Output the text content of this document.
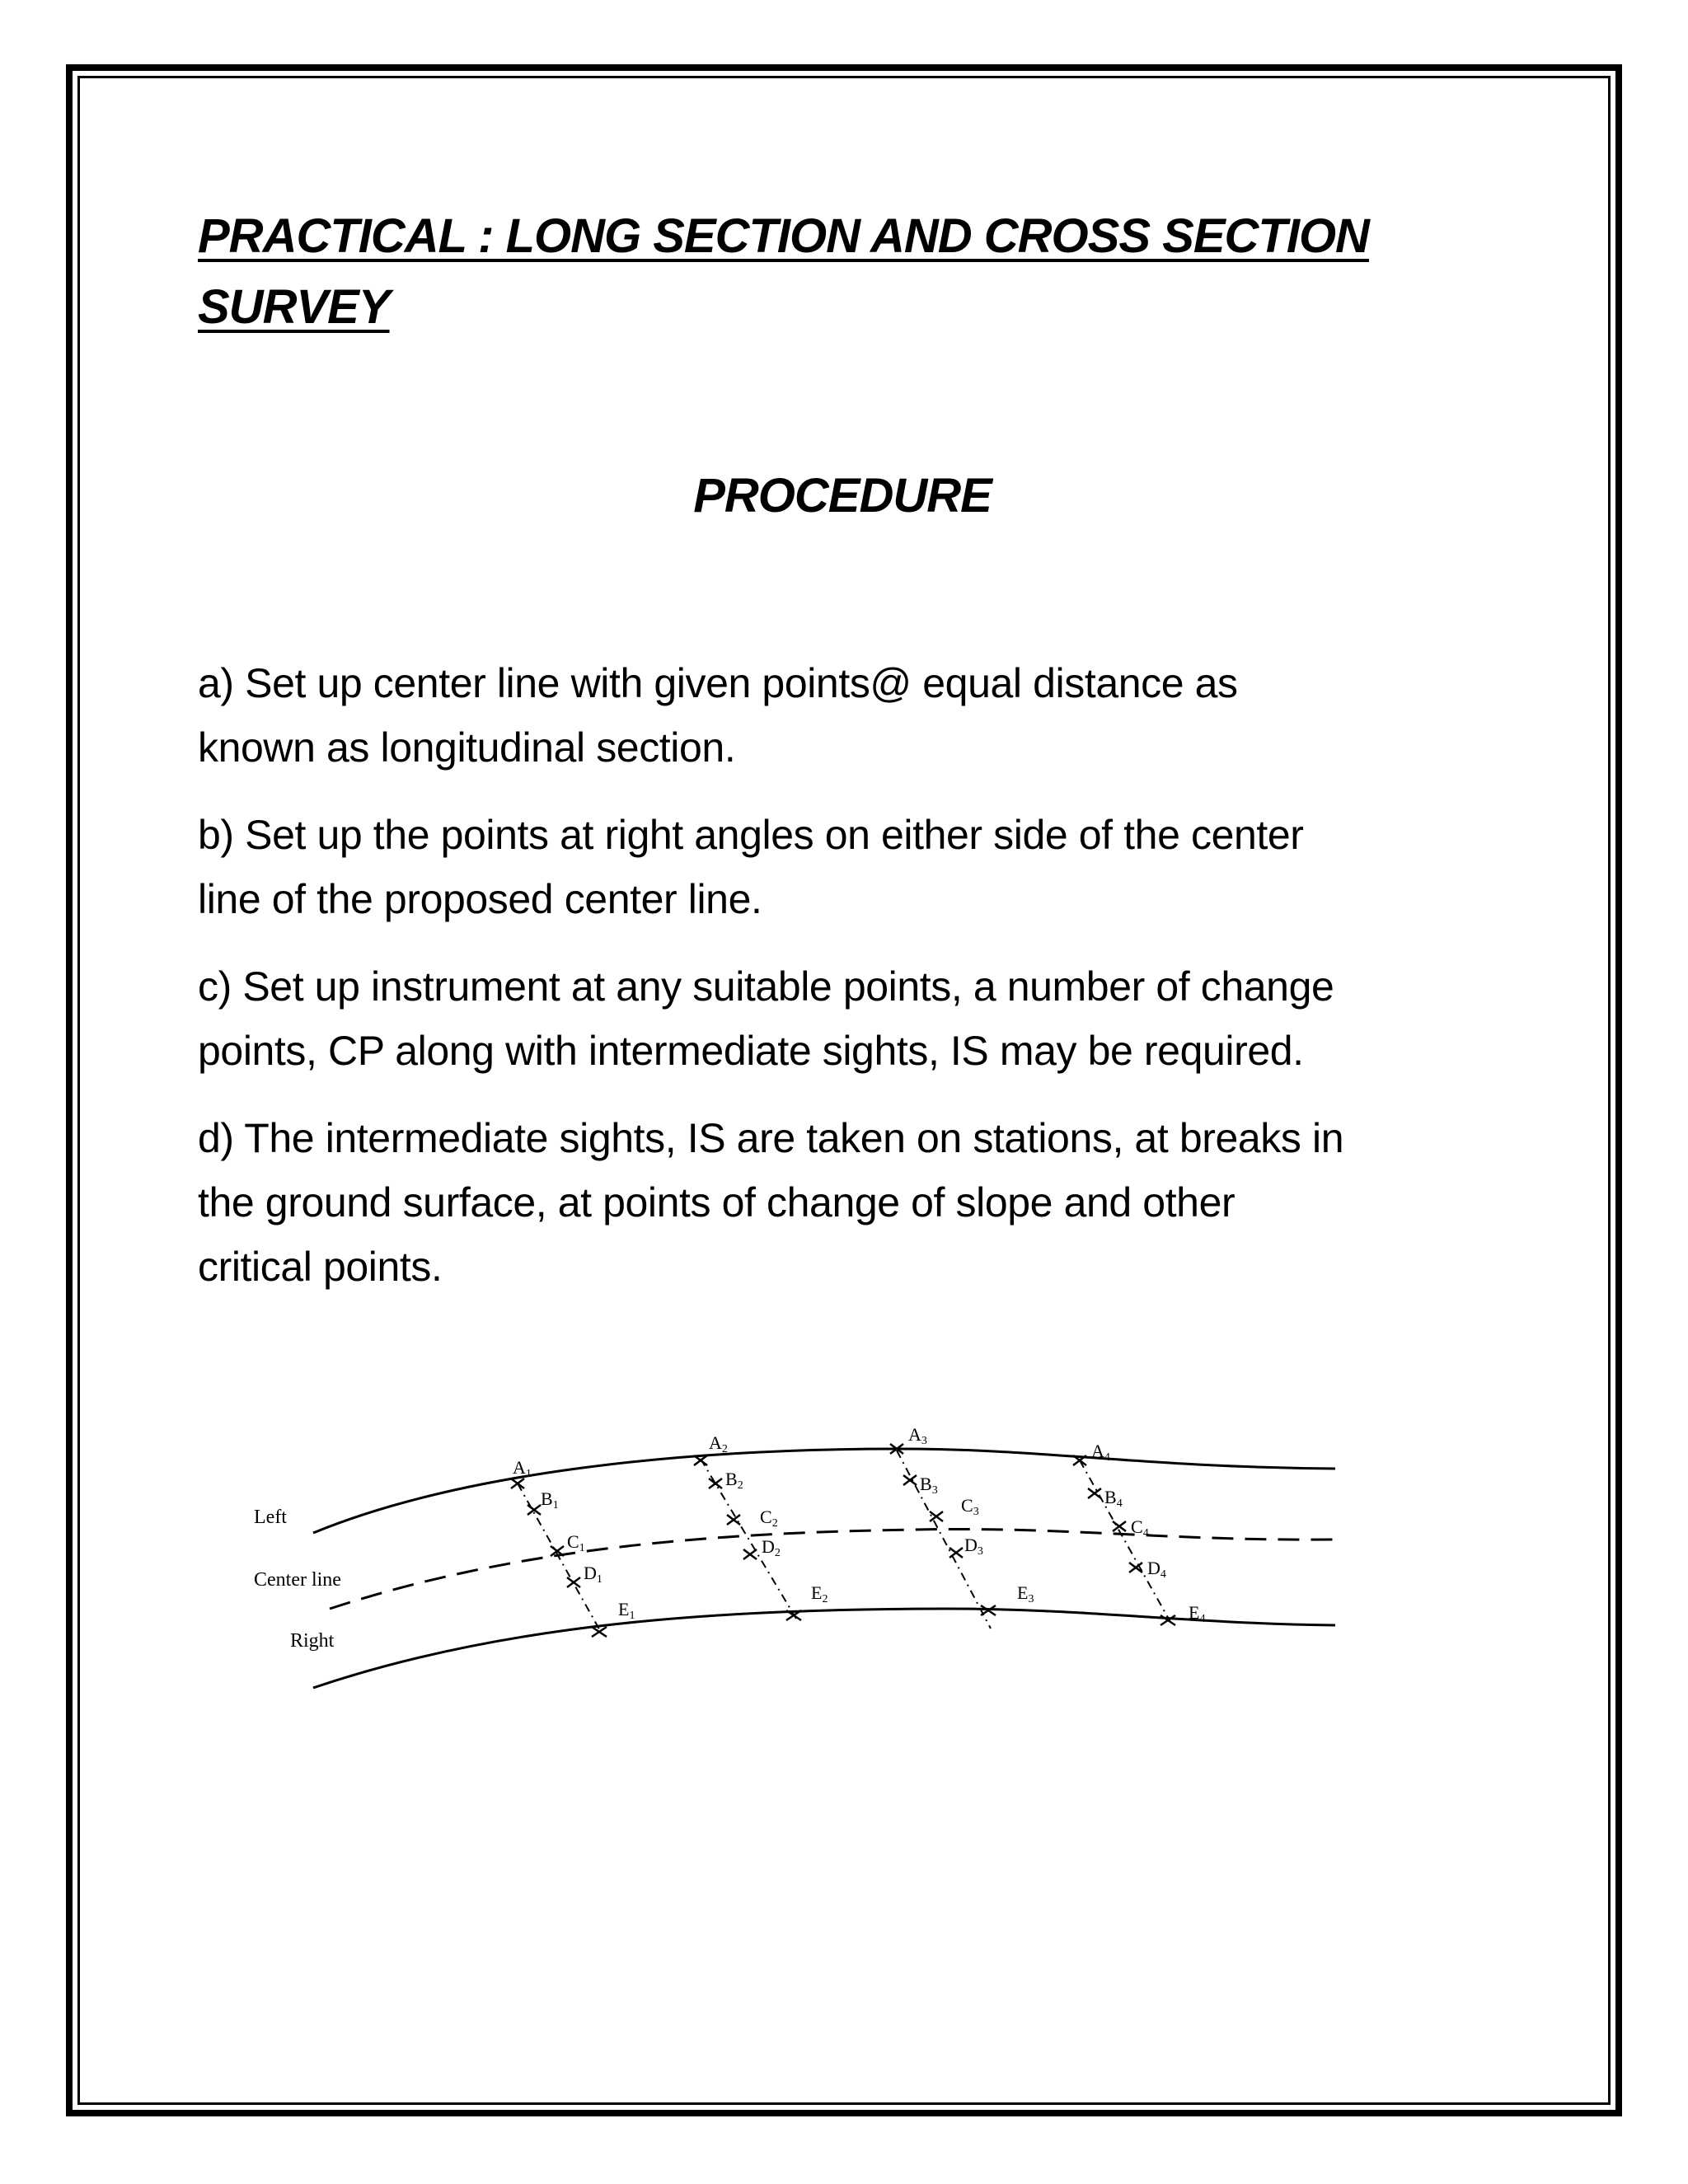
PRACTICAL : LONG SECTION AND CROSS SECTION
SURVEY
PROCEDURE

a) Set up center line with given points@ equal distance as
known as longitudinal section.

b) Set up the points at right angles on either side of the center
line of the proposed center line.

c) Set up instrument at any suitable points, a number of change
points, CP along with intermediate sights, IS may be required.

d) The intermediate sights, IS are taken on stations, at breaks in
the ground surface, at points of change of slope and other
critical points.

Left
Center line
Right
A1
B1
C1
D1
E1
A2
B2
C2
D2
E2
A3
B3
C3
D3
E3
A4
B4
C4
D4
E4
